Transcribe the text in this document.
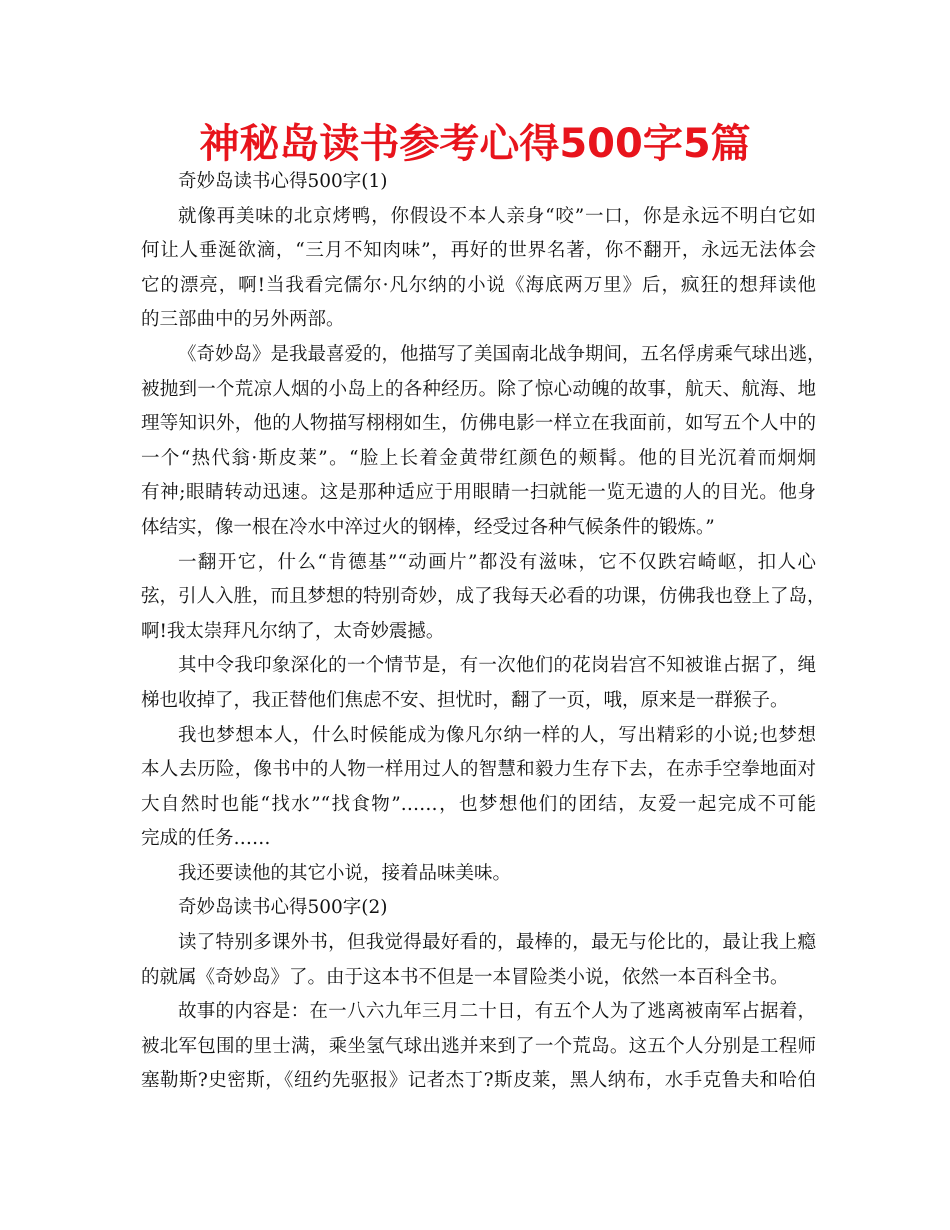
神秘岛读书参考心得500字5篇
奇妙岛读书心得500字(1)
就像再美味的北京烤鸭，你假设不本人亲身“咬”一口，你是永远不明白它如
何让人垂涎欲滴，“三月不知肉味”，再好的世界名著，你不翻开，永远无法体会
它的漂亮，啊!当我看完儒尔·凡尔纳的小说《海底两万里》后，疯狂的想拜读他
的三部曲中的另外两部。
《奇妙岛》是我最喜爱的，他描写了美国南北战争期间，五名俘虏乘气球出逃，
被抛到一个荒凉人烟的小岛上的各种经历。除了惊心动魄的故事，航天、航海、地
理等知识外，他的人物描写栩栩如生，仿佛电影一样立在我面前，如写五个人中的
一个“热代翁·斯皮莱”。“脸上长着金黄带红颜色的颊髯。他的目光沉着而炯炯
有神;眼睛转动迅速。这是那种适应于用眼睛一扫就能一览无遗的人的目光。他身
体结实，像一根在冷水中淬过火的钢棒，经受过各种气候条件的锻炼。”
一翻开它，什么“肯德基”“动画片”都没有滋味，它不仅跌宕崎岖，扣人心
弦，引人入胜，而且梦想的特别奇妙，成了我每天必看的功课，仿佛我也登上了岛，
啊!我太崇拜凡尔纳了，太奇妙震撼。
其中令我印象深化的一个情节是，有一次他们的花岗岩宫不知被谁占据了，绳
梯也收掉了，我正替他们焦虑不安、担忧时，翻了一页，哦，原来是一群猴子。
我也梦想本人，什么时候能成为像凡尔纳一样的人，写出精彩的小说;也梦想
本人去历险，像书中的人物一样用过人的智慧和毅力生存下去，在赤手空拳地面对
大自然时也能“找水”“找食物”……，也梦想他们的团结，友爱一起完成不可能
完成的任务……
我还要读他的其它小说，接着品味美味。
奇妙岛读书心得500字(2)
读了特别多课外书，但我觉得最好看的，最棒的，最无与伦比的，最让我上瘾
的就属《奇妙岛》了。由于这本书不但是一本冒险类小说，依然一本百科全书。
故事的内容是：在一八六九年三月二十日，有五个人为了逃离被南军占据着，
被北军包围的里士满，乘坐氢气球出逃并来到了一个荒岛。这五个人分别是工程师
塞勒斯?史密斯，《纽约先驱报》记者杰丁?斯皮莱，黑人纳布，水手克鲁夫和哈伯
